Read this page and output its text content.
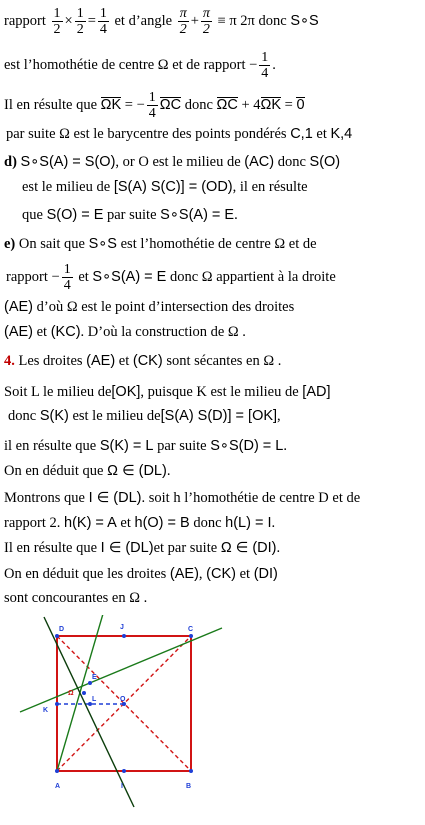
rapport $\frac{1}{2} \times \frac{1}{2} = \frac{1}{4}$ et d’angle $\frac{\pi}{2} + \frac{\pi}{2} \equiv \pi$ 2π donc S∘S
est l’homothétie de centre Ω et de rapport − $\frac{1}{4}$ .
Il en résulte que ΩK = − $\frac{1}{4}$ ΩC donc ΩC + 4ΩK = 0
par suite Ω est le barycentre des points pondérés C,1 et K,4
d) S∘S(A) = S(O), or O est le milieu de (AC) donc S(O)
est le milieu de [S(A) S(C)] = (OD), il en résulte
que S(O) = E par suite S∘S(A) = E.
e) On sait que S∘S est l’homothétie de centre Ω et de
rapport − $\frac{1}{4}$ et S∘S(A) = E donc Ω appartient à la droite
(AE) d’où Ω est le point d’intersection des droites
(AE) et (KC). D’où la construction de Ω .
4. Les droites (AE) et (CK) sont sécantes en Ω .
Soit L le milieu de[OK], puisque K est le milieu de [AD]
donc S(K) est le milieu de[S(A) S(D)] = [OK],
il en résulte que S(K) = L par suite S∘S(D) = L.
On en déduit que Ω ∈ (DL).
Montrons que I ∈ (DL). soit h l’homothétie de centre D et de
rapport 2. h(K) = A et h(O) = B donc h(L) = I.
Il en résulte que I ∈ (DL)et par suite Ω ∈ (DI).
On en déduit que les droites (AE), (CK) et (DI)
sont concourantes en Ω .
D	J	C
E
Ω
O
K
L
A	I	B
